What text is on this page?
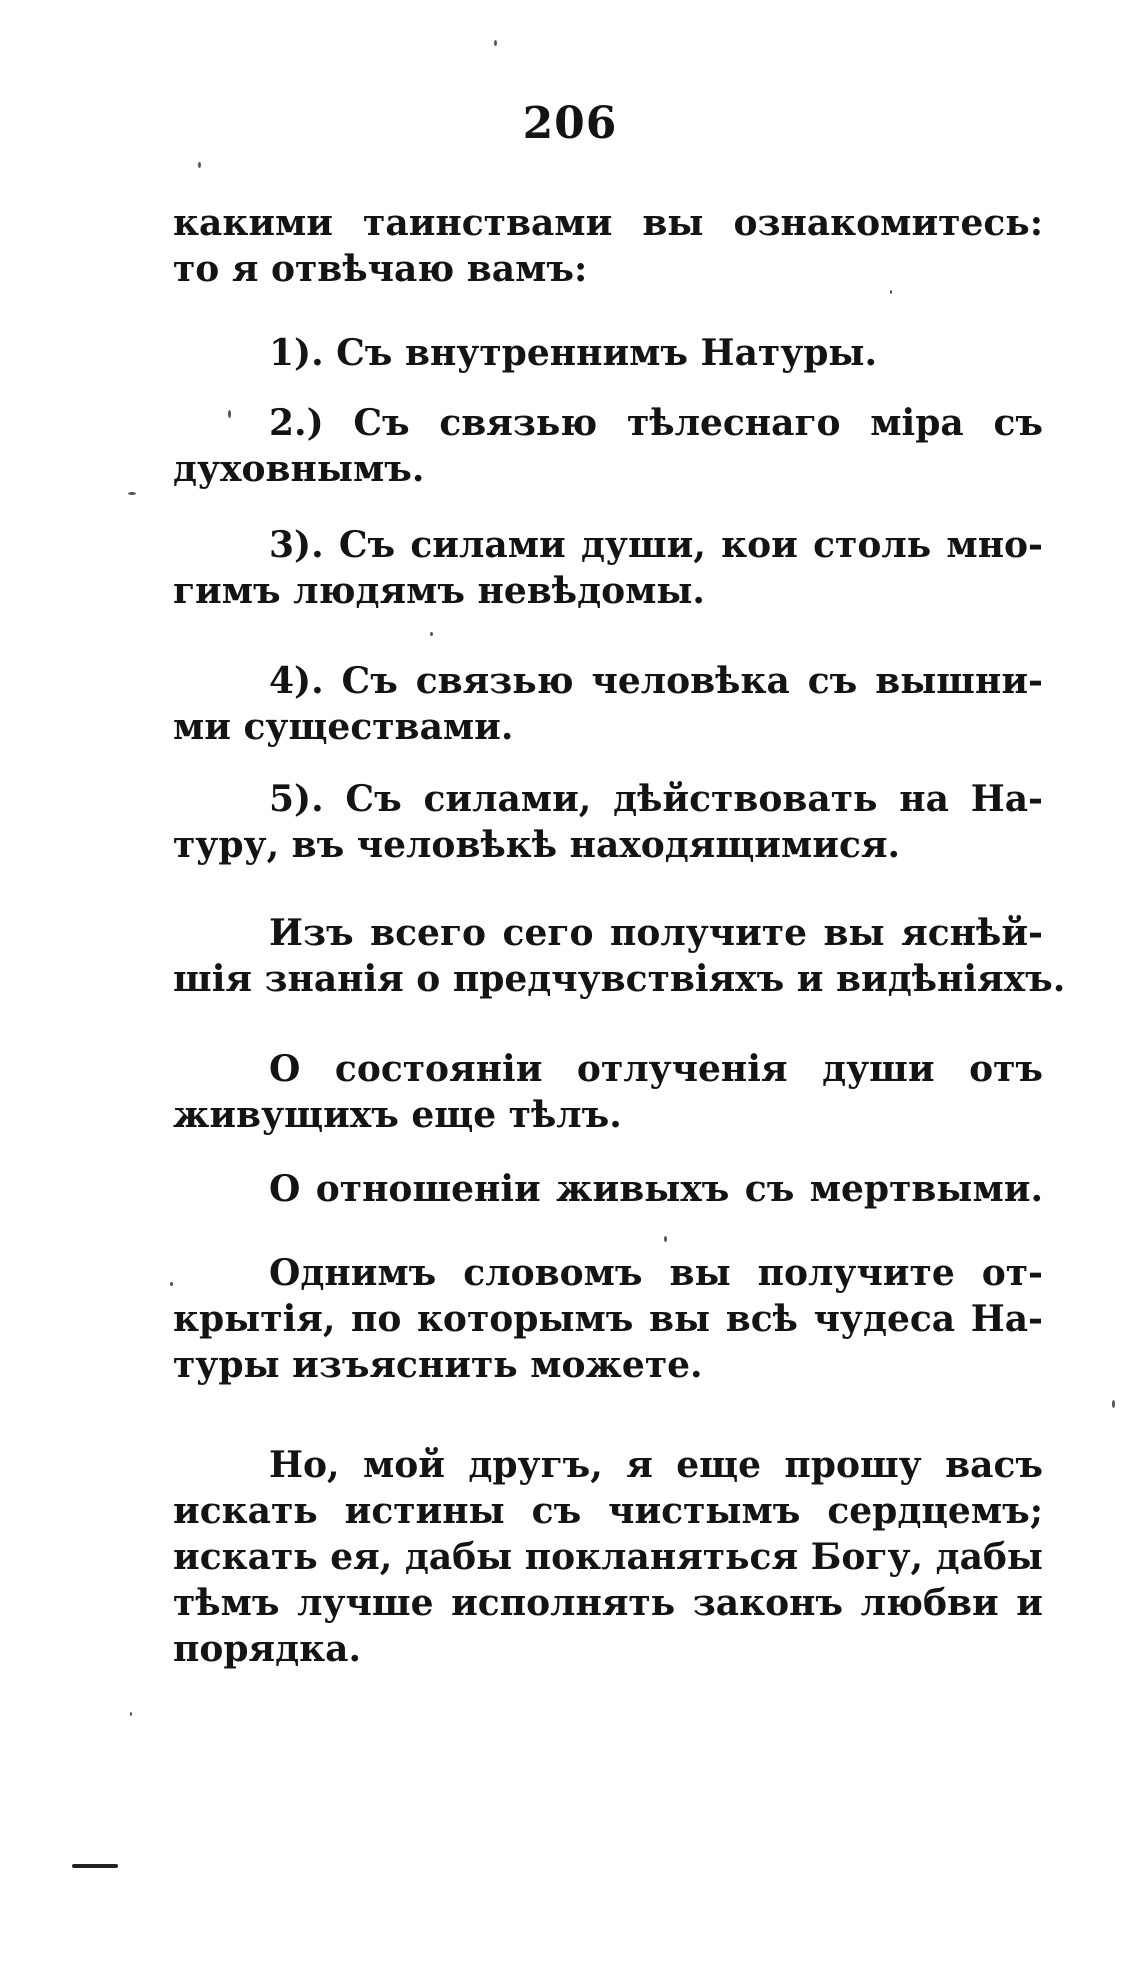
206
какими таинствами вы ознакомитесь:
то я отвѣчаю вамъ:
1). Съ внутреннимъ Натуры.
2.) Съ связью тѣлеснаго міра съ
духовнымъ.
3). Съ силами души, кои столь мно-
гимъ людямъ невѣдомы.
4). Съ связью человѣка съ вышни-
ми существами.
5). Съ силами, дѣйствовать на На-
туру, въ человѣкѣ находящимися.
Изъ всего сего получите вы яснѣй-
шія знанія о предчувствіяхъ и видѣніяхъ.
О состояніи отлученія души отъ
живущихъ еще тѣлъ.
О отношеніи живыхъ съ мертвыми.
Однимъ словомъ вы получите от-
крытія, по которымъ вы всѣ чудеса На-
туры изъяснить можете.
Но, мой другъ, я еще прошу васъ
искать истины съ чистымъ сердцемъ;
искать ея, дабы покланяться Богу, дабы
тѣмъ лучше исполнять законъ любви и
порядка.
